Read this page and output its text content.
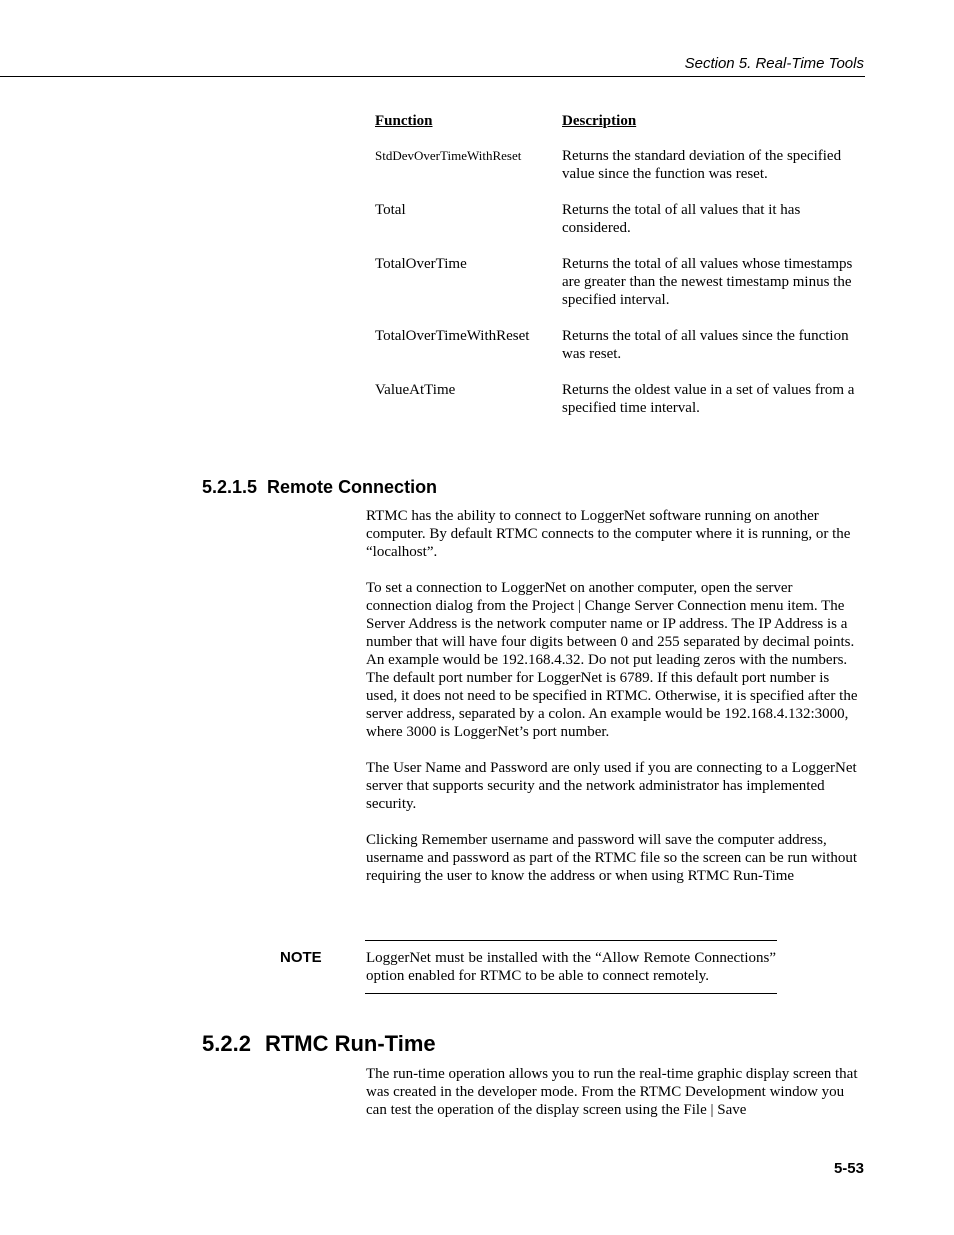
Section 5. Real-Time Tools
Function	Description
StdDevOverTimeWithReset	Returns the standard deviation of the specified value since the function was reset.
Total	Returns the total of all values that it has considered.
TotalOverTime	Returns the total of all values whose timestamps are greater than the newest timestamp minus the specified interval.
TotalOverTimeWithReset	Returns the total of all values since the function was reset.
ValueAtTime	Returns the oldest value in a set of values from a specified time interval.
5.2.1.5 Remote Connection

RTMC has the ability to connect to LoggerNet software running on another computer. By default RTMC connects to the computer where it is running, or the “localhost”.

To set a connection to LoggerNet on another computer, open the server connection dialog from the Project | Change Server Connection menu item. The Server Address is the network computer name or IP address. The IP Address is a number that will have four digits between 0 and 255 separated by decimal points. An example would be 192.168.4.32. Do not put leading zeros with the numbers. The default port number for LoggerNet is 6789. If this default port number is used, it does not need to be specified in RTMC. Otherwise, it is specified after the server address, separated by a colon. An example would be 192.168.4.132:3000, where 3000 is LoggerNet’s port number.

The User Name and Password are only used if you are connecting to a LoggerNet server that supports security and the network administrator has implemented security.

Clicking Remember username and password will save the computer address, username and password as part of the RTMC file so the screen can be run without requiring the user to know the address or when using RTMC Run-Time

NOTE	LoggerNet must be installed with the “Allow Remote Connections” option enabled for RTMC to be able to connect remotely.
5.2.2 RTMC Run-Time

The run-time operation allows you to run the real-time graphic display screen that was created in the developer mode. From the RTMC Development window you can test the operation of the display screen using the File | Save

5-53
